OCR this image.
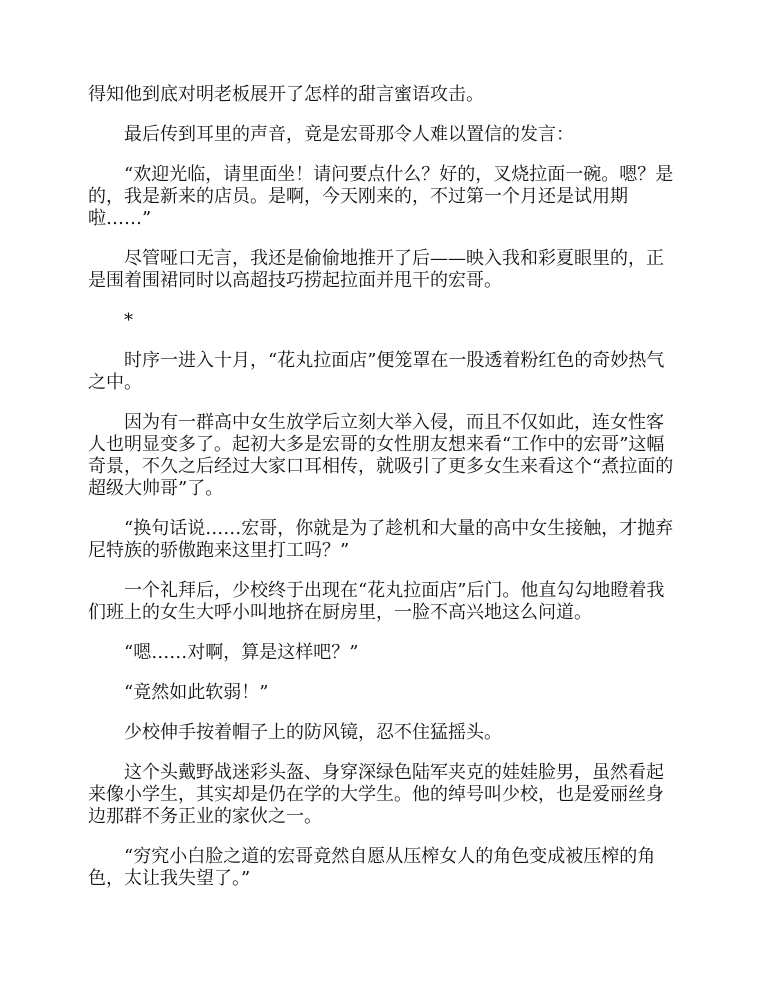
得知他到底对明老板展开了怎样的甜言蜜语攻击。

最后传到耳里的声音，竟是宏哥那令人难以置信的发言：

“欢迎光临，请里面坐！请问要点什么？好的，叉烧拉面一碗。嗯？是的，我是新来的店员。是啊，今天刚来的，不过第一个月还是试用期啦……”

尽管哑口无言，我还是偷偷地推开了后——映入我和彩夏眼里的，正是围着围裙同时以高超技巧捞起拉面并甩干的宏哥。

*

时序一进入十月，“花丸拉面店”便笼罩在一股透着粉红色的奇妙热气之中。

因为有一群高中女生放学后立刻大举入侵，而且不仅如此，连女性客人也明显变多了。起初大多是宏哥的女性朋友想来看“工作中的宏哥”这幅奇景，不久之后经过大家口耳相传，就吸引了更多女生来看这个“煮拉面的超级大帅哥”了。

“换句话说……宏哥，你就是为了趁机和大量的高中女生接触，才抛弃尼特族的骄傲跑来这里打工吗？”

一个礼拜后，少校终于出现在“花丸拉面店”后门。他直勾勾地瞪着我们班上的女生大呼小叫地挤在厨房里，一脸不高兴地这么问道。

“嗯……对啊，算是这样吧？”

“竟然如此软弱！”

少校伸手按着帽子上的防风镜，忍不住猛摇头。

这个头戴野战迷彩头盔、身穿深绿色陆军夹克的娃娃脸男，虽然看起来像小学生，其实却是仍在学的大学生。他的绰号叫少校，也是爱丽丝身边那群不务正业的家伙之一。

“穷究小白脸之道的宏哥竟然自愿从压榨女人的角色变成被压榨的角色，太让我失望了。”
